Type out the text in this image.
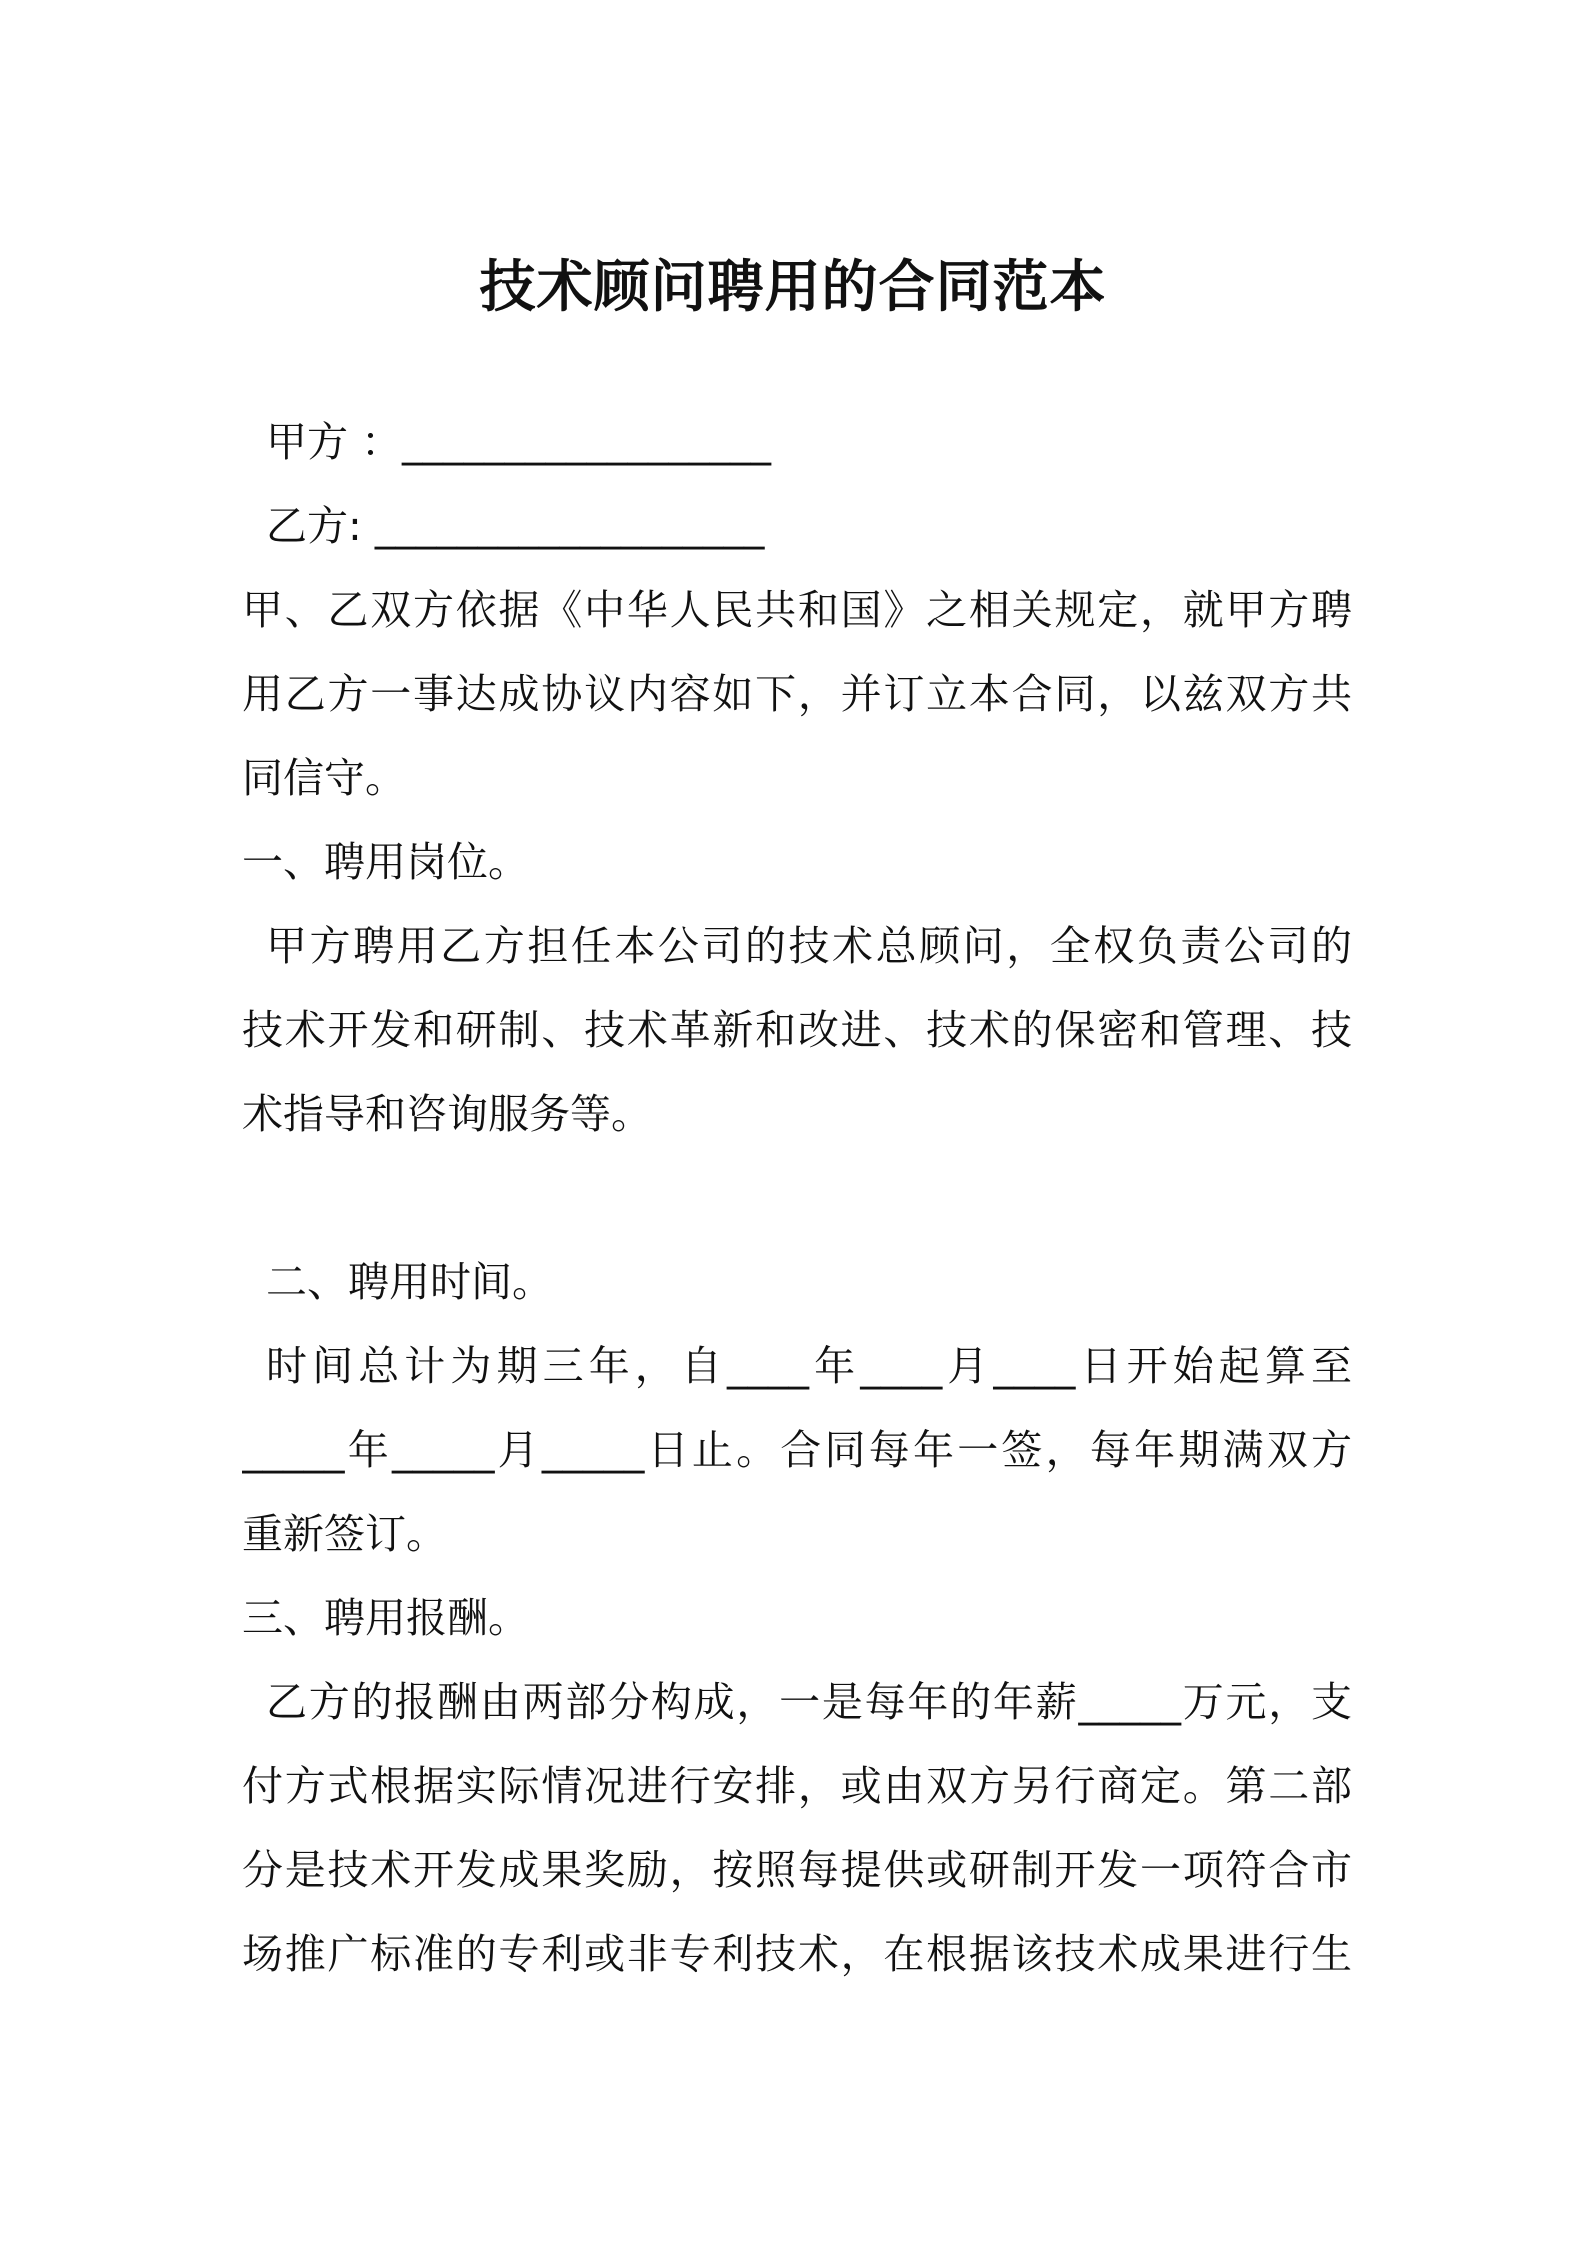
技术顾问聘用的合同范本
甲方 ：__________________
乙方: ___________________
甲、乙双方依据《中华人民共和国》之相关规定，就甲方聘
用乙方一事达成协议内容如下，并订立本合同，以兹双方共
同信守。
一、聘用岗位。
甲方聘用乙方担任本公司的技术总顾问，全权负责公司的
技术开发和研制、技术革新和改进、技术的保密和管理、技
术指导和咨询服务等。
二、聘用时间。
时间总计为期三年，自____年____月____日开始起算至
_____年_____月_____日止。合同每年一签，每年期满双方
重新签订。
三、聘用报酬。
乙方的报酬由两部分构成，一是每年的年薪_____万元，支
付方式根据实际情况进行安排，或由双方另行商定。第二部
分是技术开发成果奖励，按照每提供或研制开发一项符合市
场推广标准的专利或非专利技术，在根据该技术成果进行生
